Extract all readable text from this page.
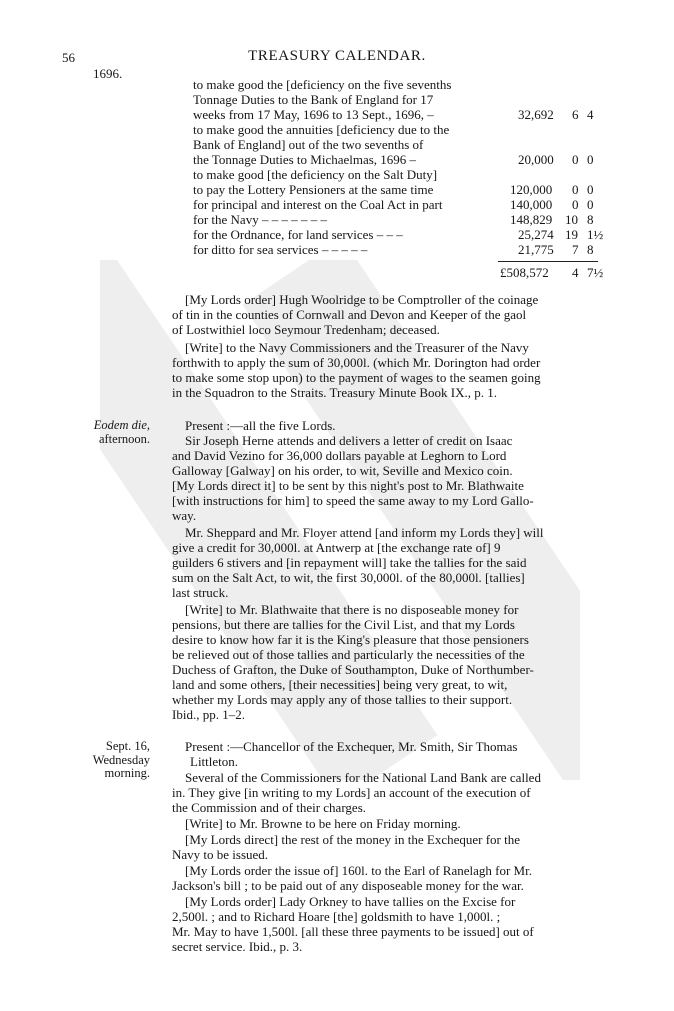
56	TREASURY CALENDAR.
1696.
to make good the [deficiency on the five sevenths
Tonnage Duties to the Bank of England for 17
weeks from 17 May, 1696 to 13 Sept., 1696, –	32,692 6 4
to make good the annuities [deficiency due to the
Bank of England] out of the two sevenths of
the Tonnage Duties to Michaelmas, 1696 –	20,000 0 0
to make good [the deficiency on the Salt Duty]
to pay the Lottery Pensioners at the same time	120,000 0 0
for principal and interest on the Coal Act in part	140,000 0 0
for the Navy – – – – – – –	148,829 10 8
for the Ordnance, for land services – – –	25,274 19 1½
for ditto for sea services – – – – –	21,775 7 8
£508,572 4 7½
[My Lords order] Hugh Woolridge to be Comptroller of the coinage
of tin in the counties of Cornwall and Devon and Keeper of the gaol
of Lostwithiel loco Seymour Tredenham; deceased.
[Write] to the Navy Commissioners and the Treasurer of the Navy
forthwith to apply the sum of 30,000l. (which Mr. Dorington had order
to make some stop upon) to the payment of wages to the seamen going
in the Squadron to the Straits. Treasury Minute Book IX., p. 1.
Eodem die,
afternoon.
Present :—all the five Lords.
Sir Joseph Herne attends and delivers a letter of credit on Isaac
and David Vezino for 36,000 dollars payable at Leghorn to Lord
Galloway [Galway] on his order, to wit, Seville and Mexico coin.
[My Lords direct it] to be sent by this night's post to Mr. Blathwaite
[with instructions for him] to speed the same away to my Lord Gallo-
way.
Mr. Sheppard and Mr. Floyer attend [and inform my Lords they] will
give a credit for 30,000l. at Antwerp at [the exchange rate of] 9
guilders 6 stivers and [in repayment will] take the tallies for the said
sum on the Salt Act, to wit, the first 30,000l. of the 80,000l. [tallies]
last struck.
[Write] to Mr. Blathwaite that there is no disposeable money for
pensions, but there are tallies for the Civil List, and that my Lords
desire to know how far it is the King's pleasure that those pensioners
be relieved out of those tallies and particularly the necessities of the
Duchess of Grafton, the Duke of Southampton, Duke of Northumber-
land and some others, [their necessities] being very great, to wit,
whether my Lords may apply any of those tallies to their support.
Ibid., pp. 1–2.
Sept. 16,
Wednesday
morning.
Present :—Chancellor of the Exchequer, Mr. Smith, Sir Thomas
Littleton.
Several of the Commissioners for the National Land Bank are called
in. They give [in writing to my Lords] an account of the execution of
the Commission and of their charges.
[Write] to Mr. Browne to be here on Friday morning.
[My Lords direct] the rest of the money in the Exchequer for the
Navy to be issued.
[My Lords order the issue of] 160l. to the Earl of Ranelagh for Mr.
Jackson's bill ; to be paid out of any disposeable money for the war.
[My Lords order] Lady Orkney to have tallies on the Excise for
2,500l. ; and to Richard Hoare [the] goldsmith to have 1,000l. ;
Mr. May to have 1,500l. [all these three payments to be issued] out of
secret service. Ibid., p. 3.
